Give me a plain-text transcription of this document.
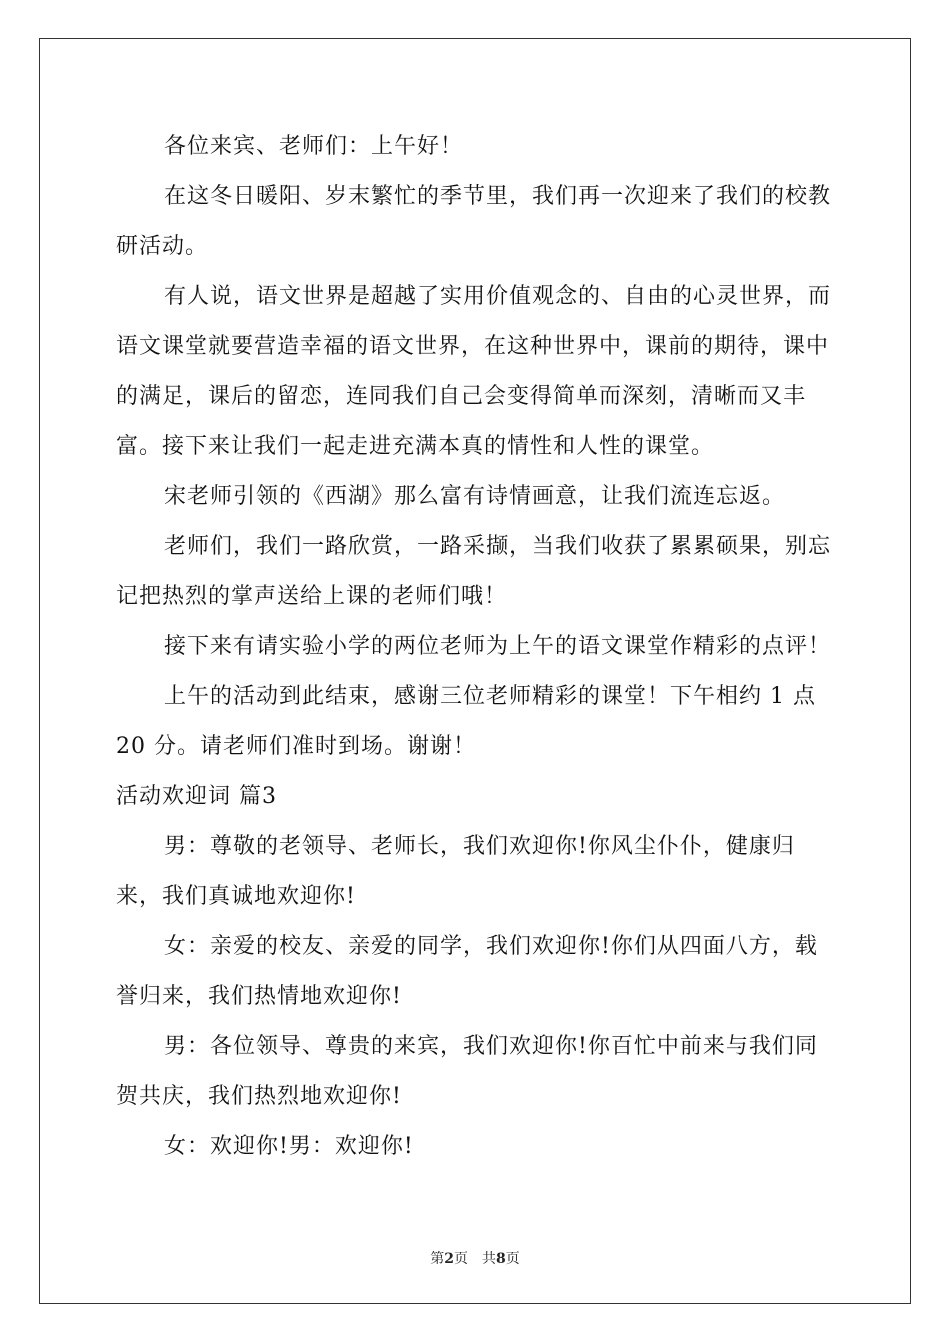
各位来宾、老师们：上午好！

在这冬日暖阳、岁末繁忙的季节里，我们再一次迎来了我们的校教研活动。

有人说，语文世界是超越了实用价值观念的、自由的心灵世界，而语文课堂就要营造幸福的语文世界，在这种世界中，课前的期待，课中的满足，课后的留恋，连同我们自己会变得简单而深刻，清晰而又丰富。接下来让我们一起走进充满本真的情性和人性的课堂。

宋老师引领的《西湖》那么富有诗情画意，让我们流连忘返。

老师们，我们一路欣赏，一路采撷，当我们收获了累累硕果，别忘记把热烈的掌声送给上课的老师们哦！

接下来有请实验小学的两位老师为上午的语文课堂作精彩的点评！

上午的活动到此结束，感谢三位老师精彩的课堂！下午相约 1 点 20 分。请老师们准时到场。谢谢！

活动欢迎词 篇3

男：尊敬的老领导、老师长，我们欢迎你!你风尘仆仆，健康归来，我们真诚地欢迎你!

女：亲爱的校友、亲爱的同学，我们欢迎你!你们从四面八方，载誉归来，我们热情地欢迎你!

男：各位领导、尊贵的来宾，我们欢迎你!你百忙中前来与我们同贺共庆，我们热烈地欢迎你!

女：欢迎你!男：欢迎你!

第2页　共8页
